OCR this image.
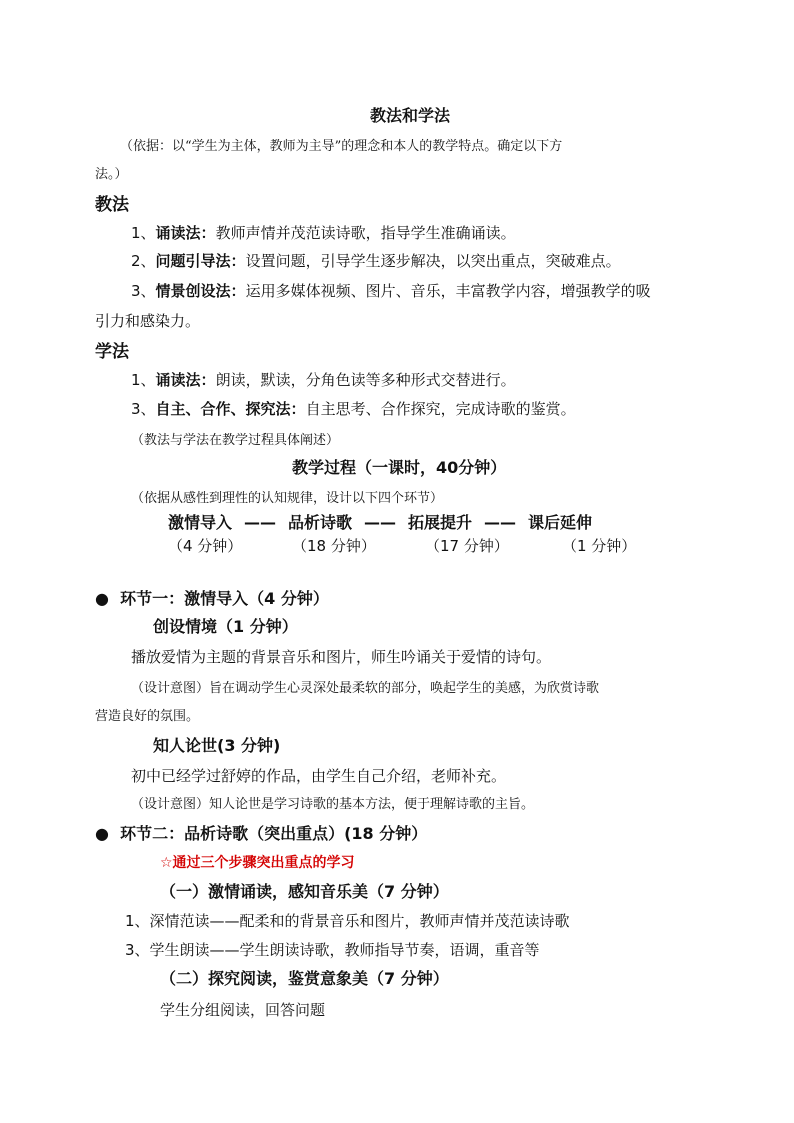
教法和学法
（依据：以“学生为主体，教师为主导”的理念和本人的教学特点。确定以下方
法。）
教法
1、诵读法：教师声情并茂范读诗歌，指导学生准确诵读。
2、问题引导法：设置问题，引导学生逐步解决，以突出重点，突破难点。
3、情景创设法：运用多媒体视频、图片、音乐，丰富教学内容，增强教学的吸
引力和感染力。
学法
1、诵读法：朗读，默读，分角色读等多种形式交替进行。
3、自主、合作、探究法：自主思考、合作探究，完成诗歌的鉴赏。
（教法与学法在教学过程具体阐述）
教学过程（一课时，40分钟）
（依据从感性到理性的认知规律，设计以下四个环节）
激情导入 —— 品析诗歌 —— 拓展提升 —— 课后延伸
（4 分钟）	（18 分钟）	（17 分钟）	（1 分钟）
● 环节一：激情导入（4 分钟）
创设情境（1 分钟）
播放爱情为主题的背景音乐和图片，师生吟诵关于爱情的诗句。
（设计意图）旨在调动学生心灵深处最柔软的部分，唤起学生的美感，为欣赏诗歌
营造良好的氛围。
知人论世(3 分钟)
初中已经学过舒婷的作品，由学生自己介绍，老师补充。
（设计意图）知人论世是学习诗歌的基本方法，便于理解诗歌的主旨。
● 环节二：品析诗歌（突出重点）(18 分钟）
☆通过三个步骤突出重点的学习
（一）激情诵读，感知音乐美（7 分钟）
1、深情范读——配柔和的背景音乐和图片，教师声情并茂范读诗歌
3、学生朗读——学生朗读诗歌，教师指导节奏，语调，重音等
（二）探究阅读，鉴赏意象美（7 分钟）
学生分组阅读，回答问题
